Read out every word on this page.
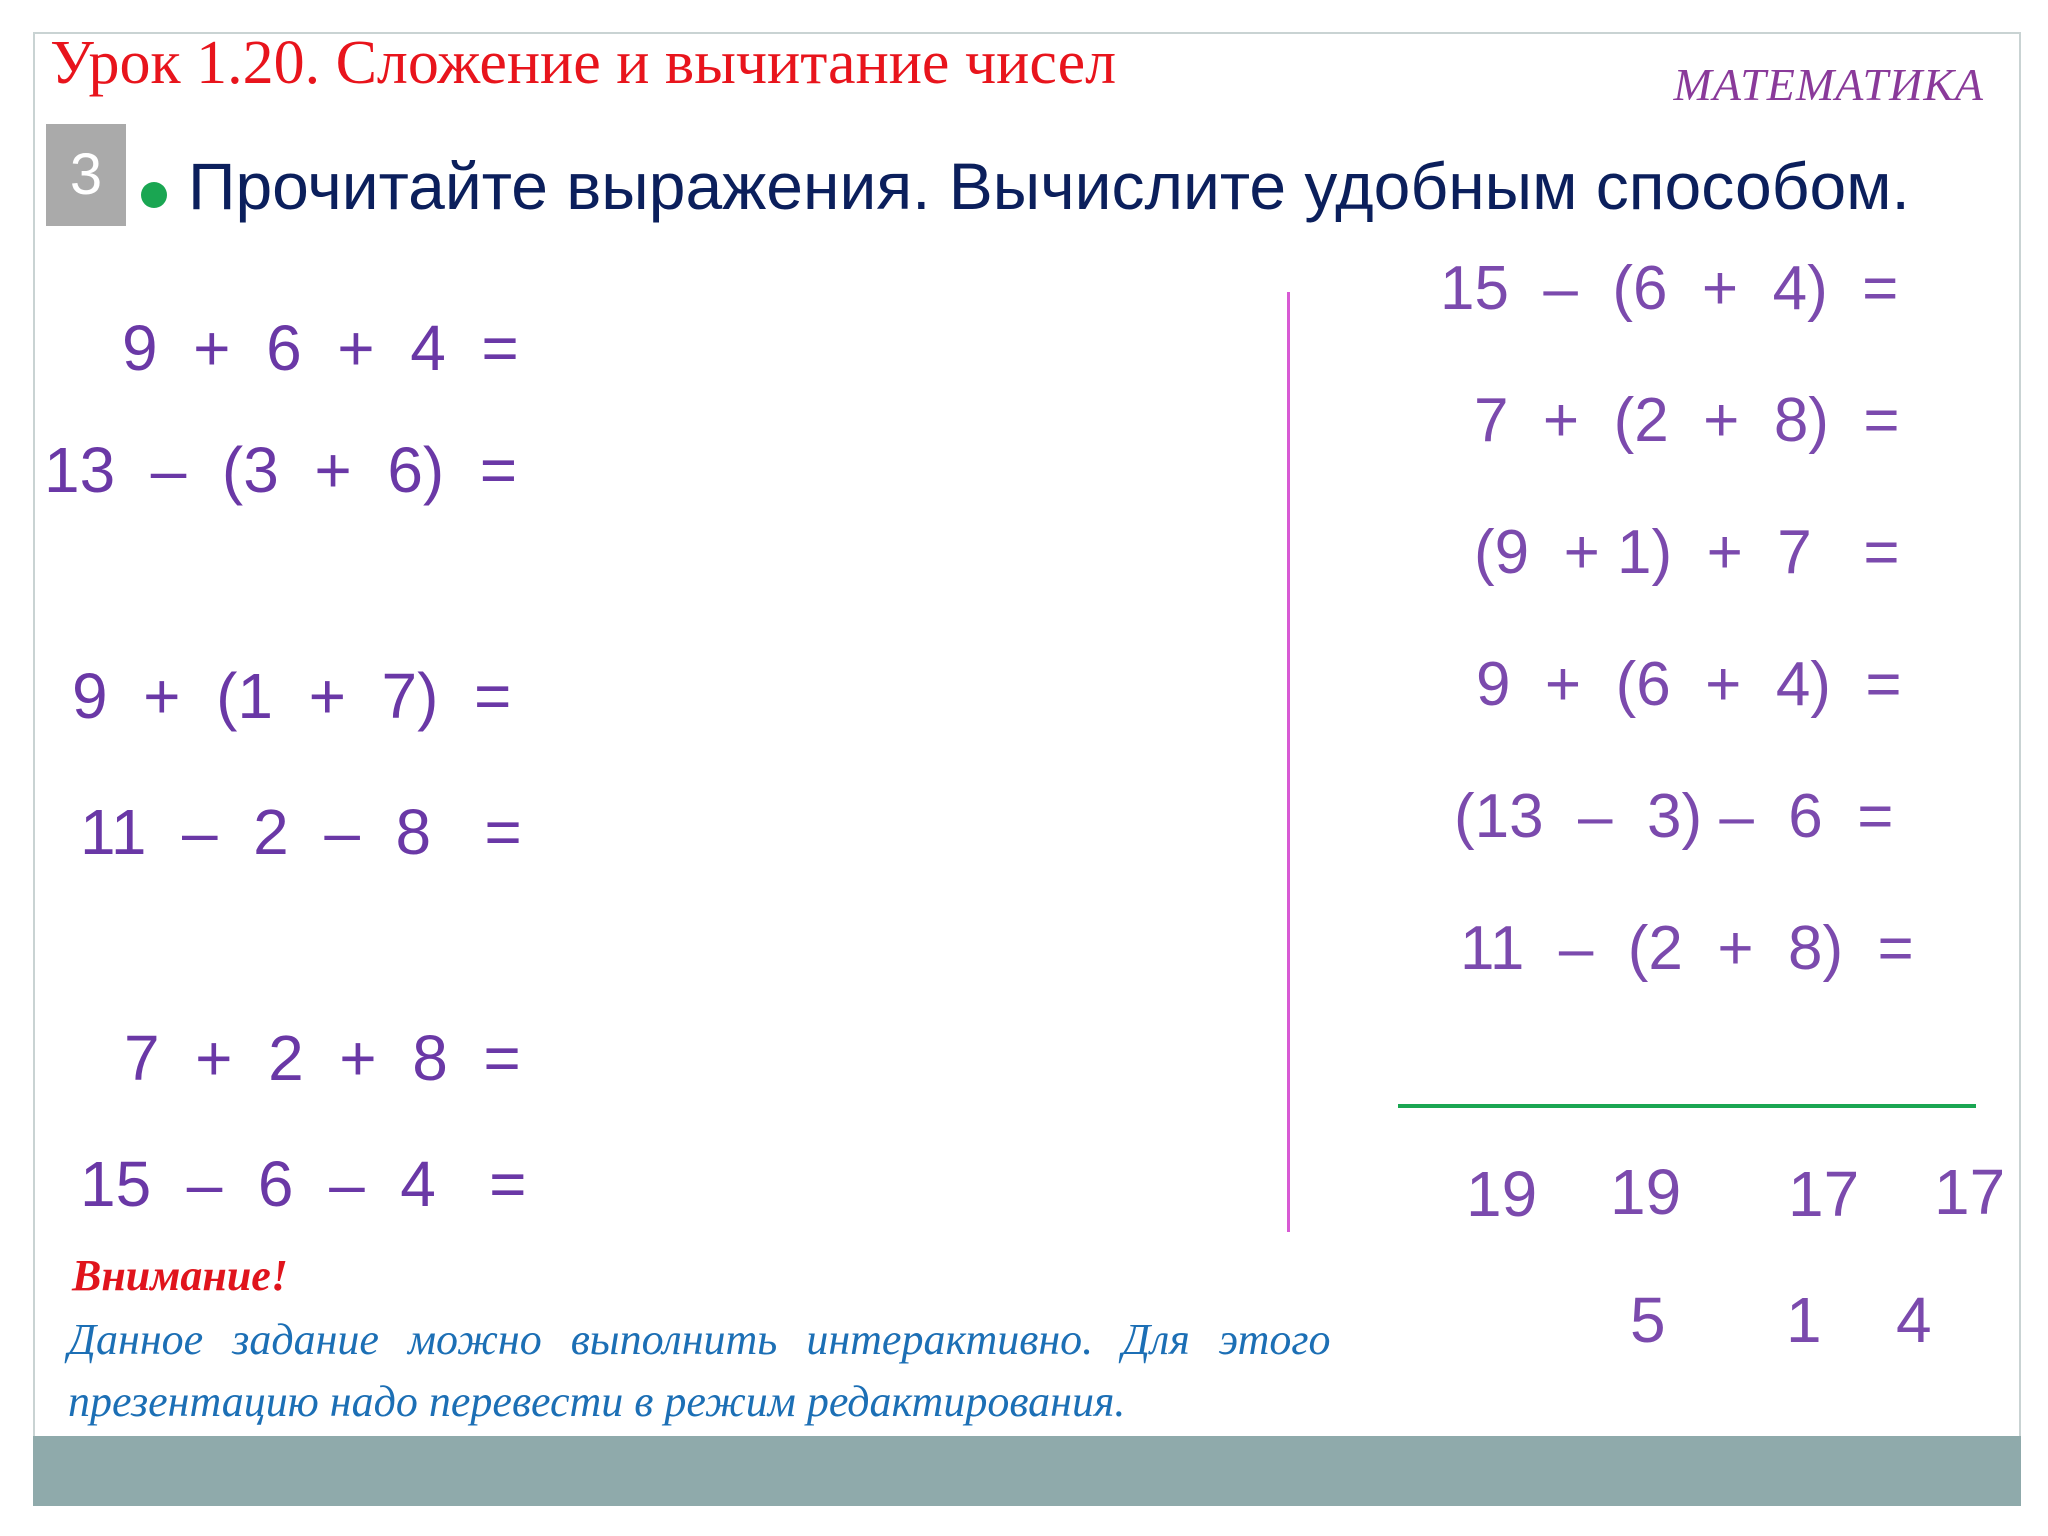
Урок 1.20. Сложение и вычитание чисел	МАТЕМАТИКА
3	Прочитайте выражения. Вычислите удобным способом.
9  +  6  +  4  =
13  –  (3  +  6)  =
9  +  (1  +  7)  =
11  –  2  –  8   =
7  +  2  +  8  =
15  –  6  –  4   =
15  –  (6  +  4)  =
7  +  (2  +  8)  =
(9  + 1)  +  7   =
9  +  (6  +  4)  =
(13  –  3) –  6  =
11  –  (2  +  8)  =
19 19 17 17
5 1 4
Внимание!
Данное задание можно выполнить интерактивно. Для этого
презентацию надо перевести в режим редактирования.
